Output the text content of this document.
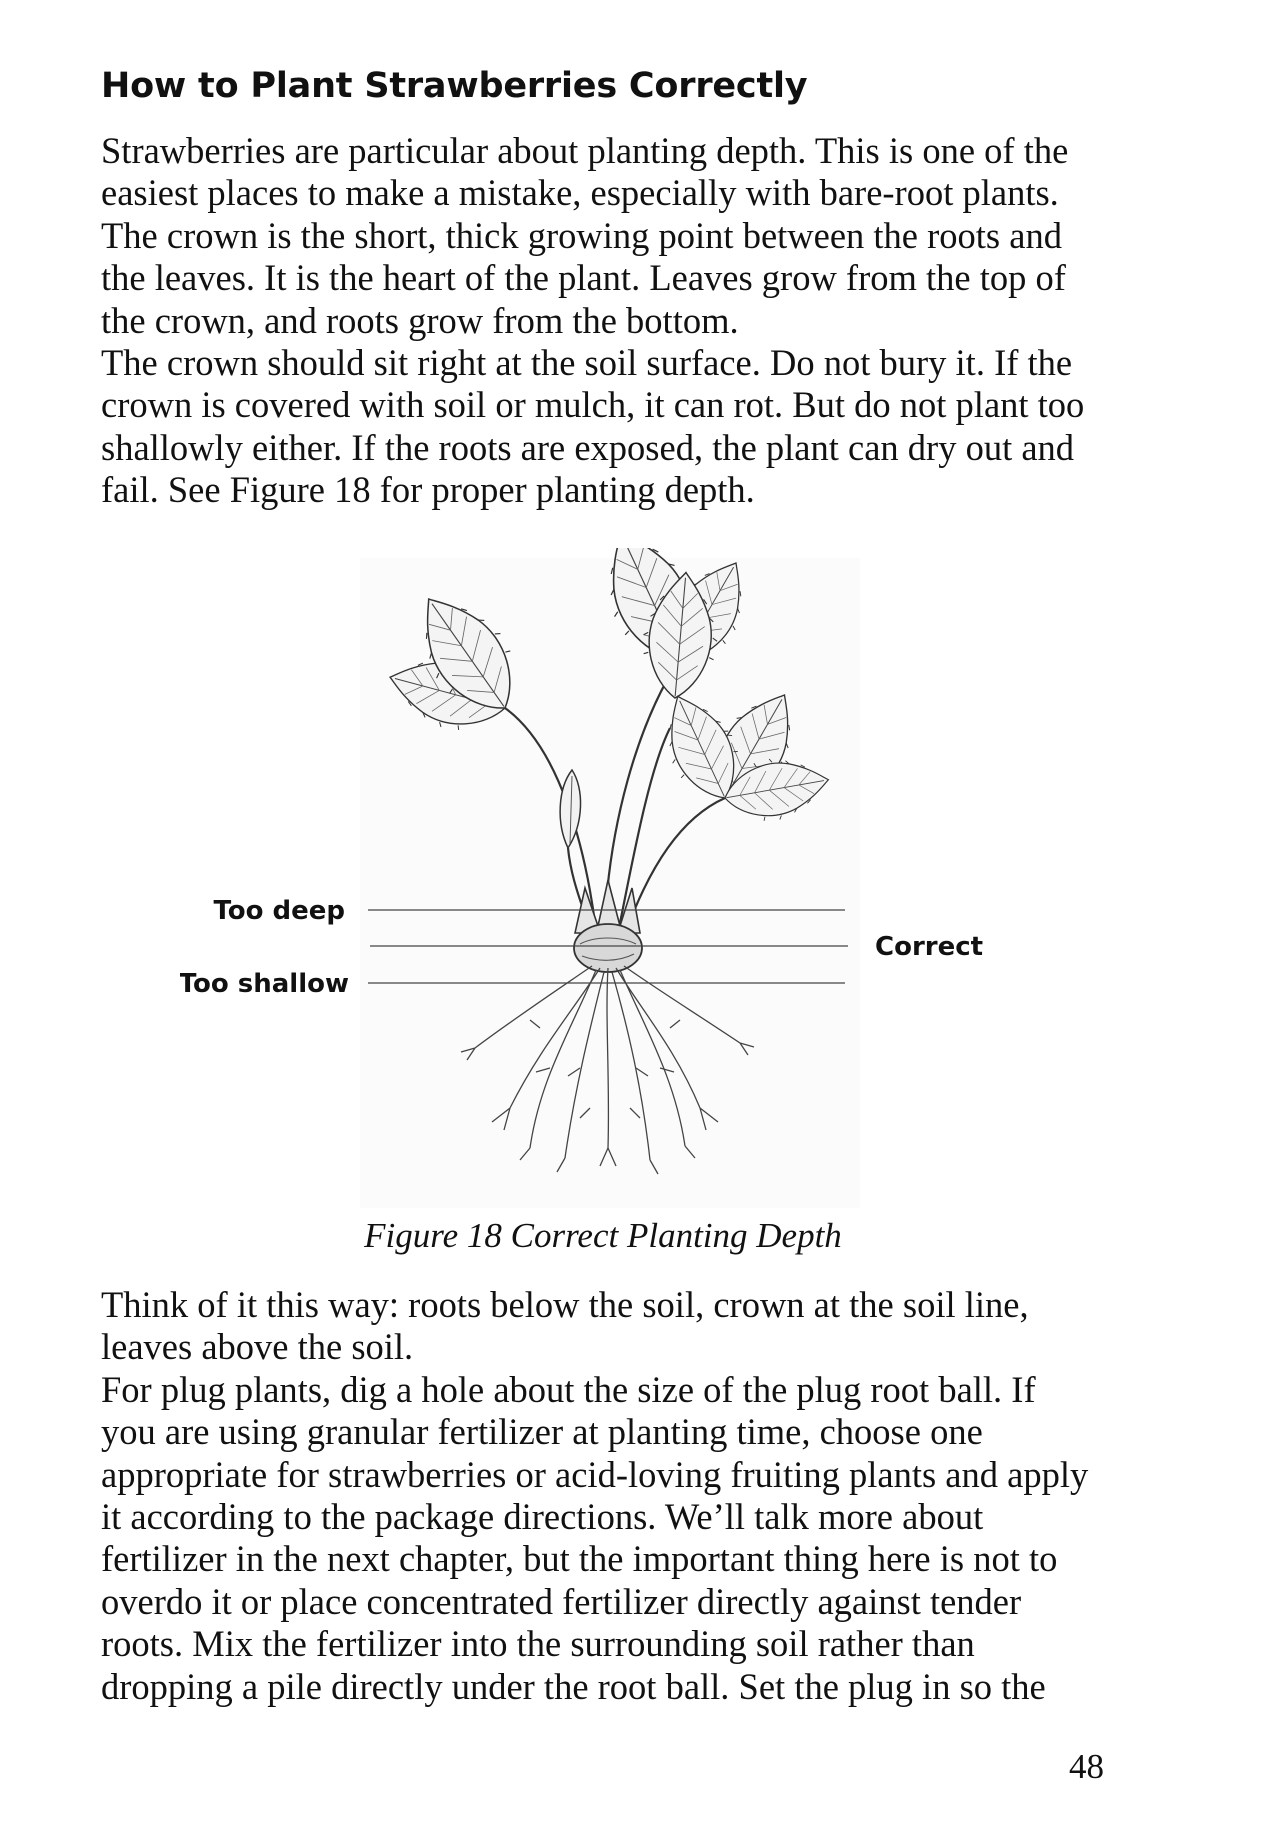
How to Plant Strawberries Correctly

Strawberries are particular about planting depth. This is one of the
easiest places to make a mistake, especially with bare-root plants.
The crown is the short, thick growing point between the roots and
the leaves. It is the heart of the plant. Leaves grow from the top of
the crown, and roots grow from the bottom.
The crown should sit right at the soil surface. Do not bury it. If the
crown is covered with soil or mulch, it can rot. But do not plant too
shallowly either. If the roots are exposed, the plant can dry out and
fail. See Figure 18 for proper planting depth.

Too deep
Too shallow
Correct

Figure 18 Correct Planting Depth

Think of it this way: roots below the soil, crown at the soil line,
leaves above the soil.
For plug plants, dig a hole about the size of the plug root ball. If
you are using granular fertilizer at planting time, choose one
appropriate for strawberries or acid-loving fruiting plants and apply
it according to the package directions. We’ll talk more about
fertilizer in the next chapter, but the important thing here is not to
overdo it or place concentrated fertilizer directly against tender
roots. Mix the fertilizer into the surrounding soil rather than
dropping a pile directly under the root ball. Set the plug in so the

48
